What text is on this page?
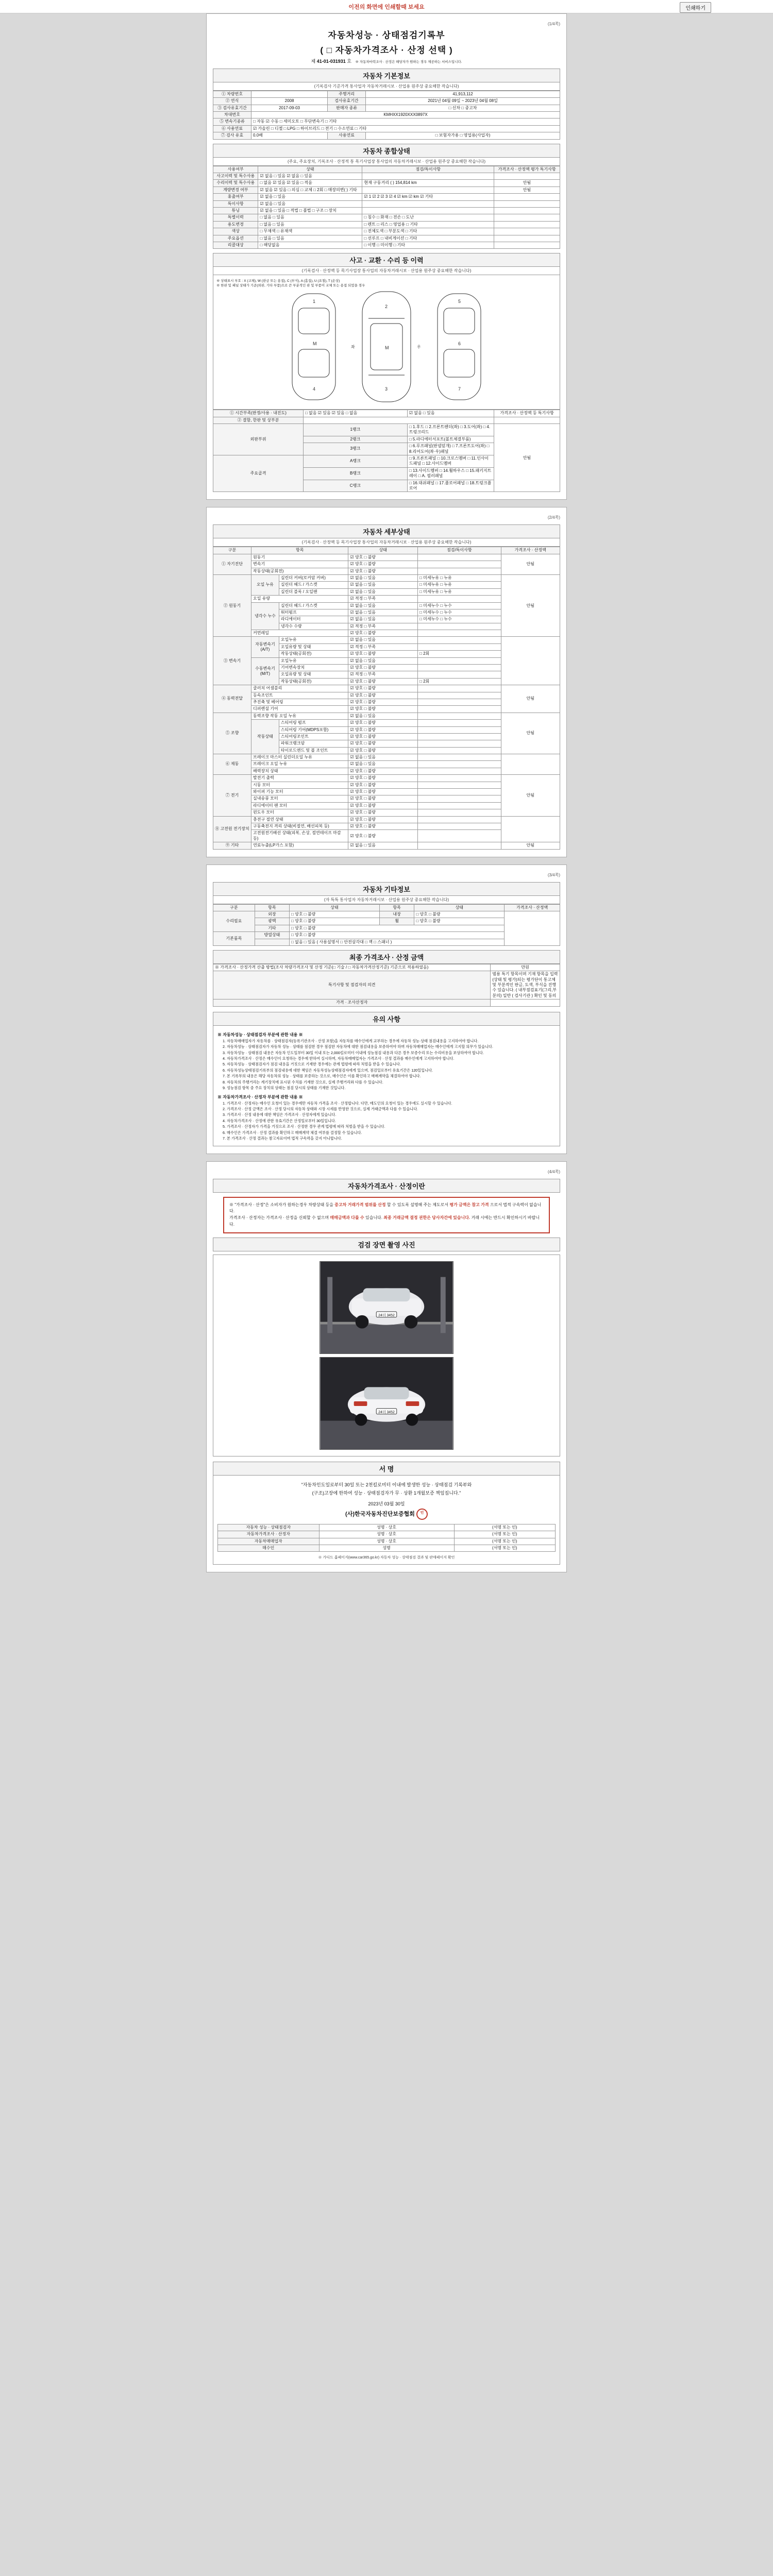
이전의 화면에 인쇄할때 보세요	인쇄하기
(1/4쪽)
자동차성능 · 상태점검기록부
( □ 자동차가격조사 · 산정 선택 )
제 41-01-031931 호 ※ 자동차마력조사 · 산정은 해당자가 원하는 경우 제공하는 서비스입니다.
자동차 기본정보
(기록검사 기준가격 통사업자 자동차거래시보 · 산업용 원주상 중요해한 작습니다)
① 차량번호		주행거리	41,913,112
② 연식	2008	검사유효기간	2021년 04월 09일 ~ 2023년 04월 08일
③ 검사유효기간	2017-09-03	판매자 종류	□ 신차 □ 중고차
차대번호	KMHXX1920XXX0897X		
⑤ 변속기종류	□ 자동 ☑ 수동 □ 세미오토 □ 무단변속기 □ 기타		
⑥ 사용연료	☑ 가솔린 □ 디젤 □ LPG □ 하이브리드 □ 전기 □ 수소연료 □ 기타		
⑦ 검사 유효	0.0배	사용연료	□ 보험자가용 □ 영업용(사업자)
자동차 종합상태
(주요, 주요장치, 기록조사 · 산정적 통 목기사업장 통사업의 자동차거래시보 · 산업용 원주상 중요해한 작습니다)
사용여부	상태	점검/특이사항	가격조사 · 산정액 평가 특기사항
사고이력 및 특수사용	☑ 없음 □ 있음 ☑ 없음 □ 있음		
수리이력 및 특수사용	□ 없음 ☑ 있음 ☑ 있음 □ 적음	현재 구동거리 ( ) 154,814 km	안됨
계량변경 여부	☑ 없음 ☑ 있음 □ 의심 □ 교체 □ 2회 □ 매장의변( ) 기타		안됨
휴출여부	☑ 없음 □ 있음	☑ 1 ☑ 2 ☑ 3 ☑ 4 ☑ km ☑ km ☑ 기타	
특이사항	☑ 없음 □ 있음		
튜닝	☑ 없음 □ 있음 □ 적법 □ 불법 □ 구조 □ 장치		
특별이력	□ 없음 □ 있음	□ 침수 □ 화재 □ 전손 □ 도난	
용도변경	□ 없음 □ 있음	□ 렌트 □ 리스 □ 영업용 □ 기타	
색상	□ 무채색 □ 유채색	□ 전체도색 □ 부분도색 □ 기타	
주요옵션	□ 없음 □ 있음	□ 선루프 □ 내비게이션 □ 기타	
리콜대상	□ 해당없음	□ 이행 □ 미이행 □ 기타	
사고 · 교환 · 수리 등 이력
(기록검사 · 산정액 등 목기사업장 통사업의 자동차거래시보 · 산업용 원주상 중요해한 작습니다)
※ 상태표시 부호 : X (교체), W (판금 또는 용접), C (부식), A (흠집), U (요철), T (손상)
※ 한판 및 패널 상태가 기준(외판, 기타 부품)으로 쓴 부분적인 판 및 부품이 교체 또는 용접 되었을 경우
1
M
4
2
M
3
좌	우
5
6
7
① 시간부족(판정/사용 · 내진도)	□ 없음 ☑ 있음 ☑ 있음 □ 없음	☑ 없음 □ 있음	가격조사 · 산정액 등 특기사항
② 결함, 한판 및 상부분			
외판부위	1랭크	□ 1.후드 □ 2.프론트펜더(좌) □ 3.도어(좌) □ 4.트렁크리드	안됨
	2랭크	□ 5.라디에터서포트(볼트체결부품)	
	3랭크	□ 6.루프패널(판넬덮개) □ 7.프론트도어(좌) □ 8.리어도어(좌·우)패널	
주요골격	A랭크	□ 9.프론트패널 □ 10.크로스멤버 □ 11.인사이드패널 □ 12.사이드멤버	
	B랭크	□ 13.사이드멤버 □ 14.휠하우스 □ 15.패키지트레이 □ A. 필러패널	
	C랭크	□ 16.대쉬패널 □ 17.플로어패널 □ 18.트렁크플로어	
(2/4쪽)
자동차 세부상태
(기록검사 · 산정액 등 목기사업장 통사업의 자동차거래시보 · 산업용 원주상 중요해한 작습니다)
구분	항목		상태	점검/특이사항	가격조사 · 산정액
① 자기진단	원동기		☑ 양호 □ 불량		안됨
	변속기		☑ 양호 □ 불량		
	작동상태(공회전)		☑ 양호 □ 불량		
② 원동기	오일 누유	실린더 커버(로커암 커버)	☑ 없음 □ 있음	□ 미세누유 □ 누유	안됨
		실린더 헤드 / 가스켓	☑ 없음 □ 있음	□ 미세누유 □ 누유	
		실린더 블록 / 오일팬	☑ 없음 □ 있음	□ 미세누유 □ 누유	
	오일 유량		☑ 적정 □ 부족		
	냉각수 누수	실린더 헤드 / 가스켓	☑ 없음 □ 있음	□ 미세누수 □ 누수	
		워터펌프	☑ 없음 □ 있음	□ 미세누수 □ 누수	
		라디에이터	☑ 없음 □ 있음	□ 미세누수 □ 누수	
		냉각수 수량	☑ 적정 □ 부족		
	커먼레일		☑ 양호 □ 불량		
③ 변속기	자동변속기 (A/T)	오일누유	☑ 없음 □ 있음		
		오일유량 및 상태	☑ 적정 □ 부족		
		작동상태(공회전)	☑ 양호 □ 불량	□ 2회	
	수동변속기 (M/T)	오일누유	☑ 없음 □ 있음		
		기어변속장치	☑ 양호 □ 불량		
		오일유량 및 상태	☑ 적정 □ 부족		
		작동상태(공회전)	☑ 양호 □ 불량	□ 2회	
④ 동력전달	클러치 어셈블리		☑ 양호 □ 불량		안됨
	등속조인트		☑ 양호 □ 불량		
	추진축 및 베어링		☑ 양호 □ 불량		
	디퍼렌셜 기어		☑ 양호 □ 불량		
⑤ 조향	동력조향 작동 오일 누유		☑ 없음 □ 있음		안됨
	작동상태	스티어링 펌프	☑ 양호 □ 불량		
		스티어링 기어(MDPS포함)	☑ 양호 □ 불량		
		스티어링조인트	☑ 양호 □ 불량		
		파워크랭크암	☑ 양호 □ 불량		
		타이로드엔드 및 볼 조인트	☑ 양호 □ 불량		
⑥ 제동	브레이크 마스터 실린더오일 누유		☑ 없음 □ 있음		
	브레이크 오일 누유		☑ 없음 □ 있음		
	배력장치 상태		☑ 양호 □ 불량		
⑦ 전기	발전기 출력		☑ 양호 □ 불량		안됨
	시동 모터		☑ 양호 □ 불량		
	와이퍼 기능 모터		☑ 양호 □ 불량		
	실내송풍 모터		☑ 양호 □ 불량		
	라디에이터 팬 모터		☑ 양호 □ 불량		
	윈도우 모터		☑ 양호 □ 불량		
⑧ 고전원 전기장치	충전구 절연 상태		☑ 양호 □ 불량		
	구동축전지 격리 상태(비절연, 배선피복 등)		☑ 양호 □ 불량		
	고전원전기배선 상태(피복, 손상, 절연테이프 마감 등)		☑ 양호 □ 불량		
⑨ 기타	연료누출(LP가스 포함)		☑ 없음 □ 있음		안됨
(3/4쪽)
자동차 기타정보
(자 특특 통사업자 자동차거래시보 · 산업용 원주상 중요해한 작습니다)
구분	항목	상태	항목	상태	가격조사 · 산정액
수리필요	외장	□ 양호 □ 불량	내장	□ 양호 □ 불량	
	광택	□ 양호 □ 불량	휠	□ 양호 □ 불량	
	기타	□ 양호 □ 불량			
기본품목	방열상태	□ 양호 □ 불량			
		□ 없음 □ 있음 ( 사용설명서 □ 안전삼각대 □ 잭 □ 스패너 )			
최종 가격조사 · 산정 금액
※ 가격조사 · 산정가격 산출 방법(조사 차량가격조사 및 산정 기준(□ 기술 / □ 자동차가격산정기준) 기준으로 적용하였음)	만원
특기사항 및 점검자의 의견	범용 특기 항목이며 기재 항목을 입력(상태 및 평가)되는 평가단이 통고체 및 부분적인 판금, 도색, 부식을 진행 수 있습니다. ( 내부점검표기(그리,부분의) 일반 ( 검사기관 ) 확인 및 동의
가격 · 조사산정자	
유의 사항
※ 자동차성능 · 상태점검자 부분에 관한 내용 ※
1. 자동차매매업자가 자동차를 · 상태점검자(등록기관조사 · 산정 포함)을 자동차를 매수인에게 교부하는 경우에 자동차 성능·상태 점검내용을 고지하여야 합니다.
2. 자동차성능 · 상태점검자가 자동차 성능 · 상태를 점검한 경우 점검한 자동차에 대한 점검내용을 보증하여야 하며 자동차매매업자는 매수인에게 고지할 의무가 있습니다.
3. 자동차성능 · 상태점검 내용은 자동차 인도일부터 30일 이내 또는 2,000킬로미터 이내에 성능점검 내용과 다른 경우 보증수리 또는 수리비용을 보상하여야 합니다.
4. 자동차가격조사 · 산정은 매수인이 요청하는 경우에 한하여 실시하며, 자동차매매업자는 가격조사 · 산정 결과를 매수인에게 고지하여야 합니다.
5. 자동차성능 · 상태점검자가 점검 내용을 거짓으로 기재한 경우에는 관계 법령에 따라 처벌을 받을 수 있습니다.
6. 자동차성능상태점검기록부의 점검내용에 대한 책임은 자동차성능상태점검자에게 있으며, 점검일로부터 유효기간은 120일입니다.
7. 본 기록부의 내용은 해당 자동차의 성능 · 상태를 보증하는 것으로, 매수인은 이를 확인하고 매매계약을 체결하여야 합니다.
8. 자동차의 주행거리는 계기장치에 표시된 수치를 기재한 것으로, 실제 주행거리와 다를 수 있습니다.
9. 성능점검 항목 중 주요 장치의 상태는 점검 당시의 상태를 기재한 것입니다.
※ 자동차가격조사 · 산정자 부분에 관한 내용 ※
1. 가격조사 · 산정자는 매수인 요청이 있는 경우에만 자동차 가격을 조사 · 산정합니다. 다만, 매도인의 요청이 있는 경우에도 실시할 수 있습니다.
2. 가격조사 · 산정 금액은 조사 · 산정 당시의 자동차 상태와 시장 시세를 반영한 것으로, 실제 거래금액과 다를 수 있습니다.
3. 가격조사 · 산정 내용에 대한 책임은 가격조사 · 산정자에게 있습니다.
4. 자동차가격조사 · 산정에 관한 유효기간은 산정일로부터 30일입니다.
5. 가격조사 · 산정자가 가격을 거짓으로 조사 · 산정한 경우 관계 법령에 따라 처벌을 받을 수 있습니다.
6. 매수인은 가격조사 · 산정 결과를 확인하고 매매계약 체결 여부를 결정할 수 있습니다.
7. 본 가격조사 · 산정 결과는 참고자료이며 법적 구속력을 갖지 아니합니다.
(4/4쪽)
자동차가격조사 · 산정이란
※ "가격조사 · 산정"은 소비자가 원하는경우 차량상태 등을 중고차 거래가격 범위를 산정 할 수 있도록 설명해 주는 제도로서 평가 금액은 참고 가격 으로서 법적 구속력이 없습니다.
가격조사 · 산정자는 가격조사 · 산정을 신뢰할 수 없으며 매매금액과 다를 수 있습니다. 최종 거래금액 결정 권한은 당사자간에 있습니다. 거래 시에는 반드시 확인하시기 바랍니다.
검검 장면 촬영 사진
24더 3452
24더 3452
서 명
"자동차인도일로부터 30일 또는 2천킬로미터 이내에 발생한 성능 · 상태점검 기록부와
(구조)고장에 한하여 성능 · 상태점검자가 무 · 상환 1개월보증 책임집니다."
2023년 03월 30일
(사)한국자동차진단보증협회 인
자동차 성능 · 상태점검자	성명 · 상호	(서명 또는 인)
자동차가격조사 · 산정자	성명 · 상호	(서명 또는 인)
자동차매매업자	성명 · 상호	(서명 또는 인)
매수인	성명	(서명 또는 인)
※ 가디드 홈페이지(www.car365.go.kr) 자동차 성능 · 상태점검 결과 및 판매페이지 확인
